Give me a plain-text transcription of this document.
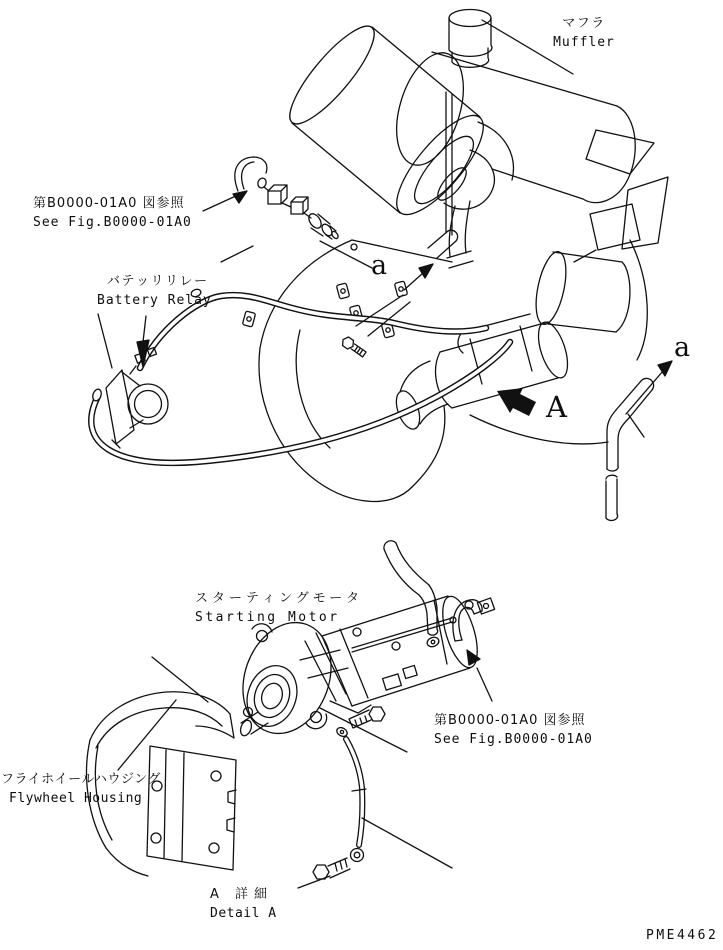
マフラ
Muffler
第B0000-01A0 図参照
See Fig.B0000-01A0
バテッリリレー
Battery Relay
a
a
A
スターティングモータ
Starting Motor
第B0000-01A0 図参照
See Fig.B0000-01A0
フライホイールハウジング
Flywheel Housing
A 詳細
Detail A
PME4462
